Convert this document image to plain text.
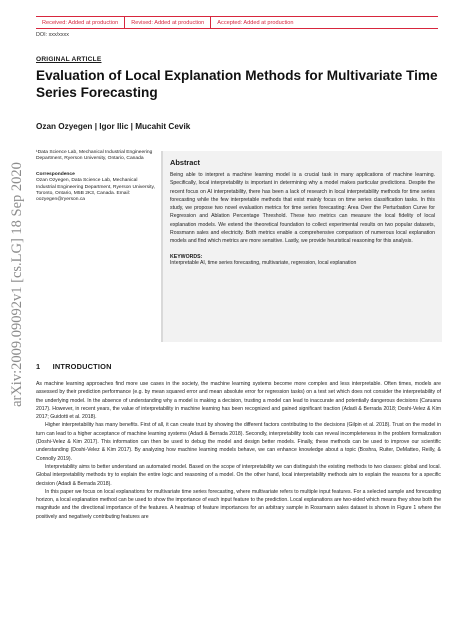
Received: Added at production	Revised: Added at production	Accepted: Added at production
DOI: xxx/xxxx
ORIGINAL ARTICLE
Evaluation of Local Explanation Methods for Multivariate Time Series Forecasting
Ozan Ozyegen | Igor Ilic | Mucahit Cevik
arXiv:2009.09092v1 [cs.LG] 18 Sep 2020
¹Data Science Lab, Mechanical Industrial Engineering Department, Ryerson University, Ontario, Canada
Correspondence
Ozan Ozyegen, Data Science Lab, Mechanical Industrial Engineering Department, Ryerson University, Toronto, Ontario, M5B 2K3, Canada. Email: oozyegen@ryerson.ca
Abstract
Being able to interpret a machine learning model is a crucial task in many applications of machine learning. Specifically, local interpretability is important in determining why a model makes particular predictions. Despite the recent focus on AI interpretability, there has been a lack of research in local interpretability methods for time series forecasting while the few interpretable methods that exist mainly focus on time series classification tasks. In this study, we propose two novel evaluation metrics for time series forecasting: Area Over the Perturbation Curve for Regression and Ablation Percentage Threshold. These two metrics can measure the local fidelity of local explanation models. We extend the theoretical foundation to collect experimental results on two popular datasets, Rossmann sales and electricity. Both metrics enable a comprehensive comparison of numerous local explanation models and find which metrics are more sensitive. Lastly, we provide heuristical reasoning for this analysis.
KEYWORDS:
Interpretable AI, time series forecasting, multivariate, regression, local explanation
1 INTRODUCTION

As machine learning approaches find more use cases in the society, the machine learning systems become more complex and less interpretable. Often times, models are assessed by their prediction performance (e.g. by mean squared error and mean absolute error for regression tasks) on a test set which does not consider the interpretability of the underlying model. In the absence of understanding why a model is making a decision, trusting a model can lead to inaccurate and potentially dangerous decisions (Caruana 2017). However, in recent years, the value of interpretability in machine learning has been recognized and gained significant traction (Adadi & Berrada 2018; Doshi-Velez & Kim 2017; Guidotti et al. 2018).

Higher interpretability has many benefits. First of all, it can create trust by showing the different factors contributing to the decisions (Gilpin et al. 2018). Trust on the model in turn can lead to a higher acceptance of machine learning systems (Adadi & Berrada 2018). Secondly, interpretability tools can reveal incompleteness in the problem formalization (Doshi-Velez & Kim 2017). This information can then be used to debug the model and design better models. Finally, these methods can be used to improve our scientific understanding (Doshi-Velez & Kim 2017). By analyzing how machine learning models behave, we can enhance knowledge about a topic (Boshra, Ruiter, DeMatteo, Reilly, & Connolly 2019).

Interpretability aims to better understand an automated model. Based on the scope of interpretability we can distinguish the existing methods to two classes: global and local. Global interpretability methods try to explain the entire logic and reasoning of a model. On the other hand, local interpretability methods aim to explain the reasons for a specific decision (Adadi & Berrada 2018).

In this paper we focus on local explanations for multivariate time series forecasting, where multivariate refers to multiple input features. For a selected sample and forecasting horizon, a local explanation method can be used to show the importance of each input feature to the prediction. Local explanations are two-sided which means they show both the magnitude and the directional importance of the features. A heatmap of feature importances for an arbitrary sample in Rossmann sales dataset is shown in Figure 1 where the positively and negatively contributing features are
